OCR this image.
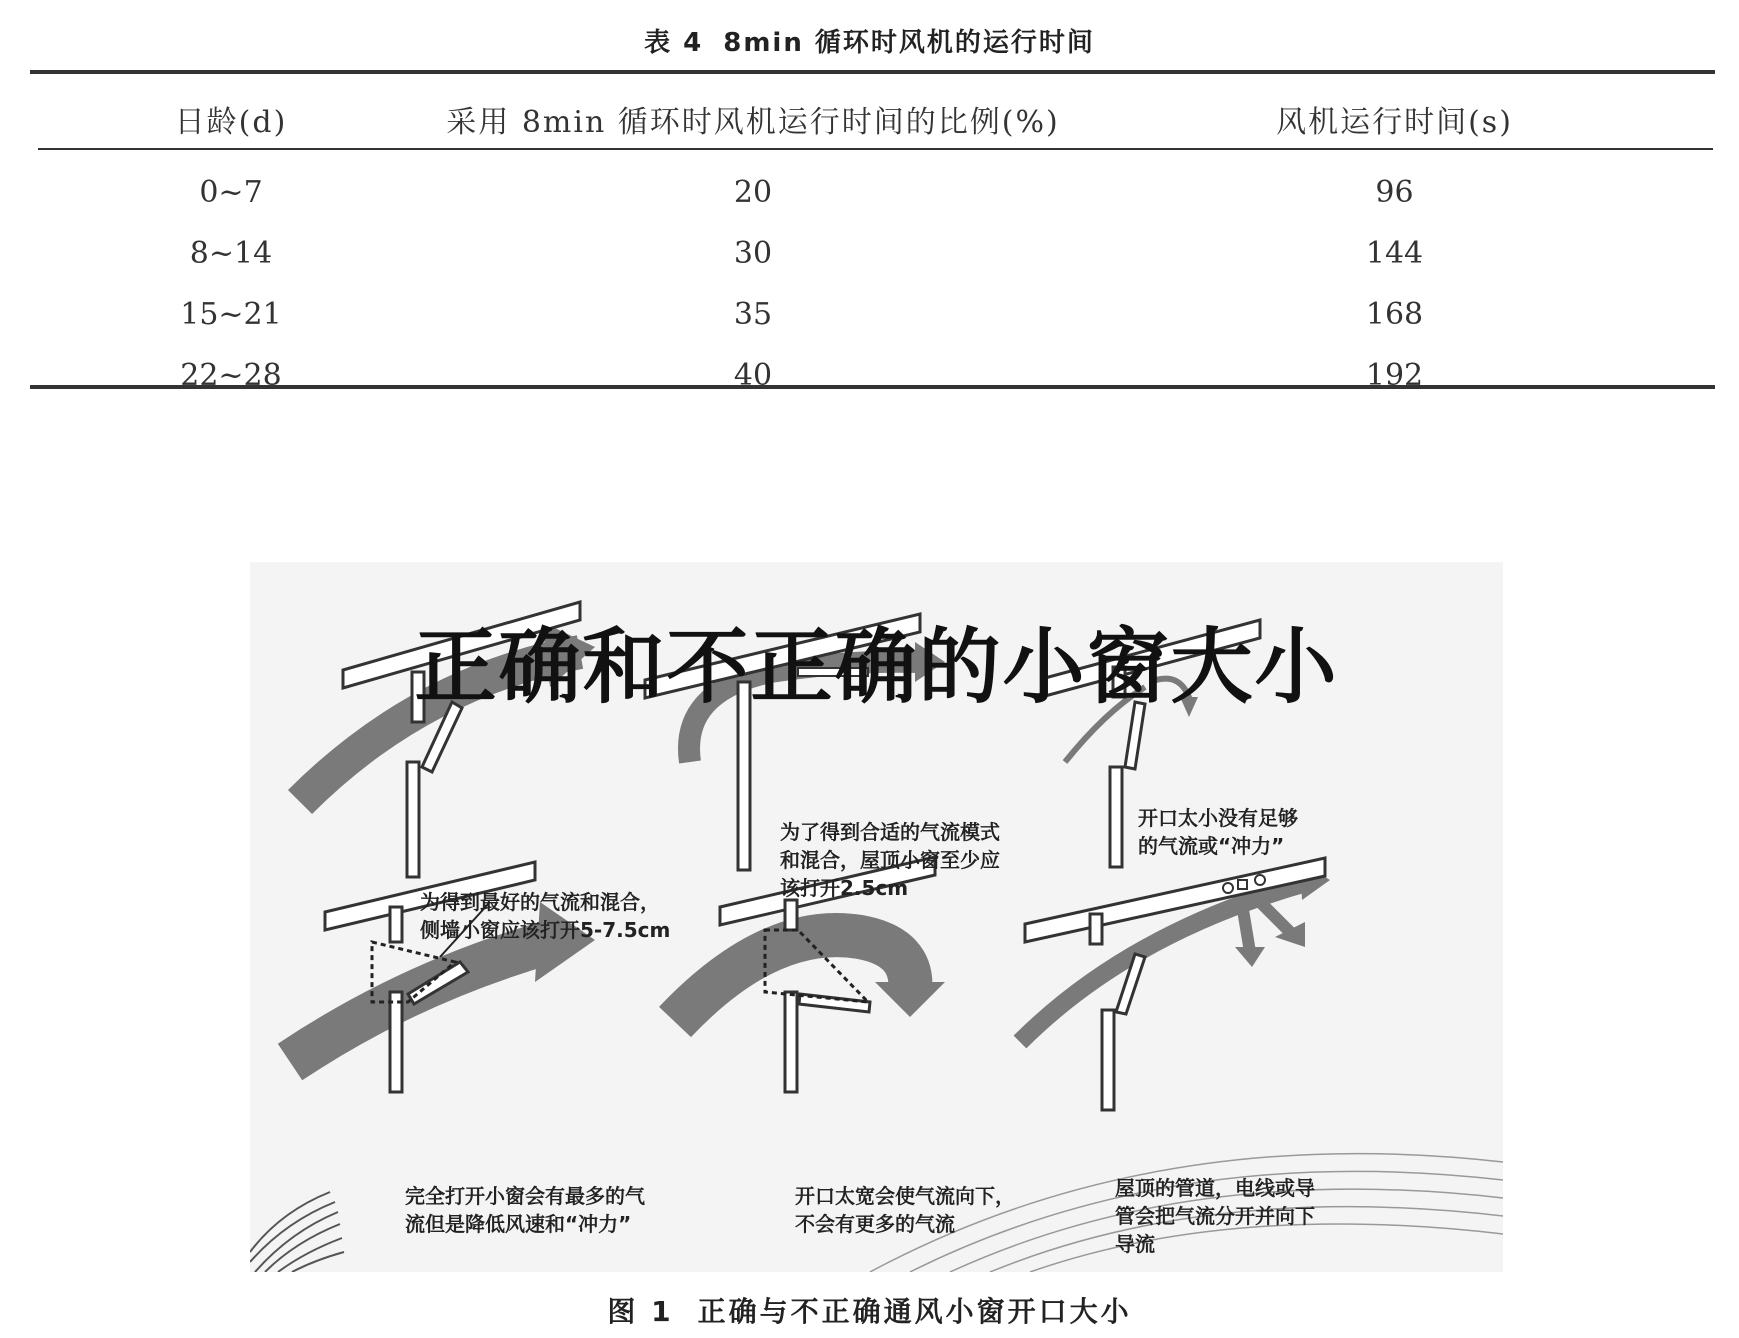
表 4 8min 循环时风机的运行时间
日龄(d)	采用 8min 循环时风机运行时间的比例(%)	风机运行时间(s)
0~7	20	96
8~14	30	144
15~21	35	168
22~28	40	192
正确和不正确的小窗大小
为得到最好的气流和混合，
侧墙小窗应该打开5-7.5cm
为了得到合适的气流模式
和混合，屋顶小窗至少应
该打开2.5cm
开口太小没有足够
的气流或“冲力”
完全打开小窗会有最多的气
流但是降低风速和“冲力”
开口太宽会使气流向下，
不会有更多的气流
屋顶的管道，电线或导
管会把气流分开并向下
导流
图 1 正确与不正确通风小窗开口大小
